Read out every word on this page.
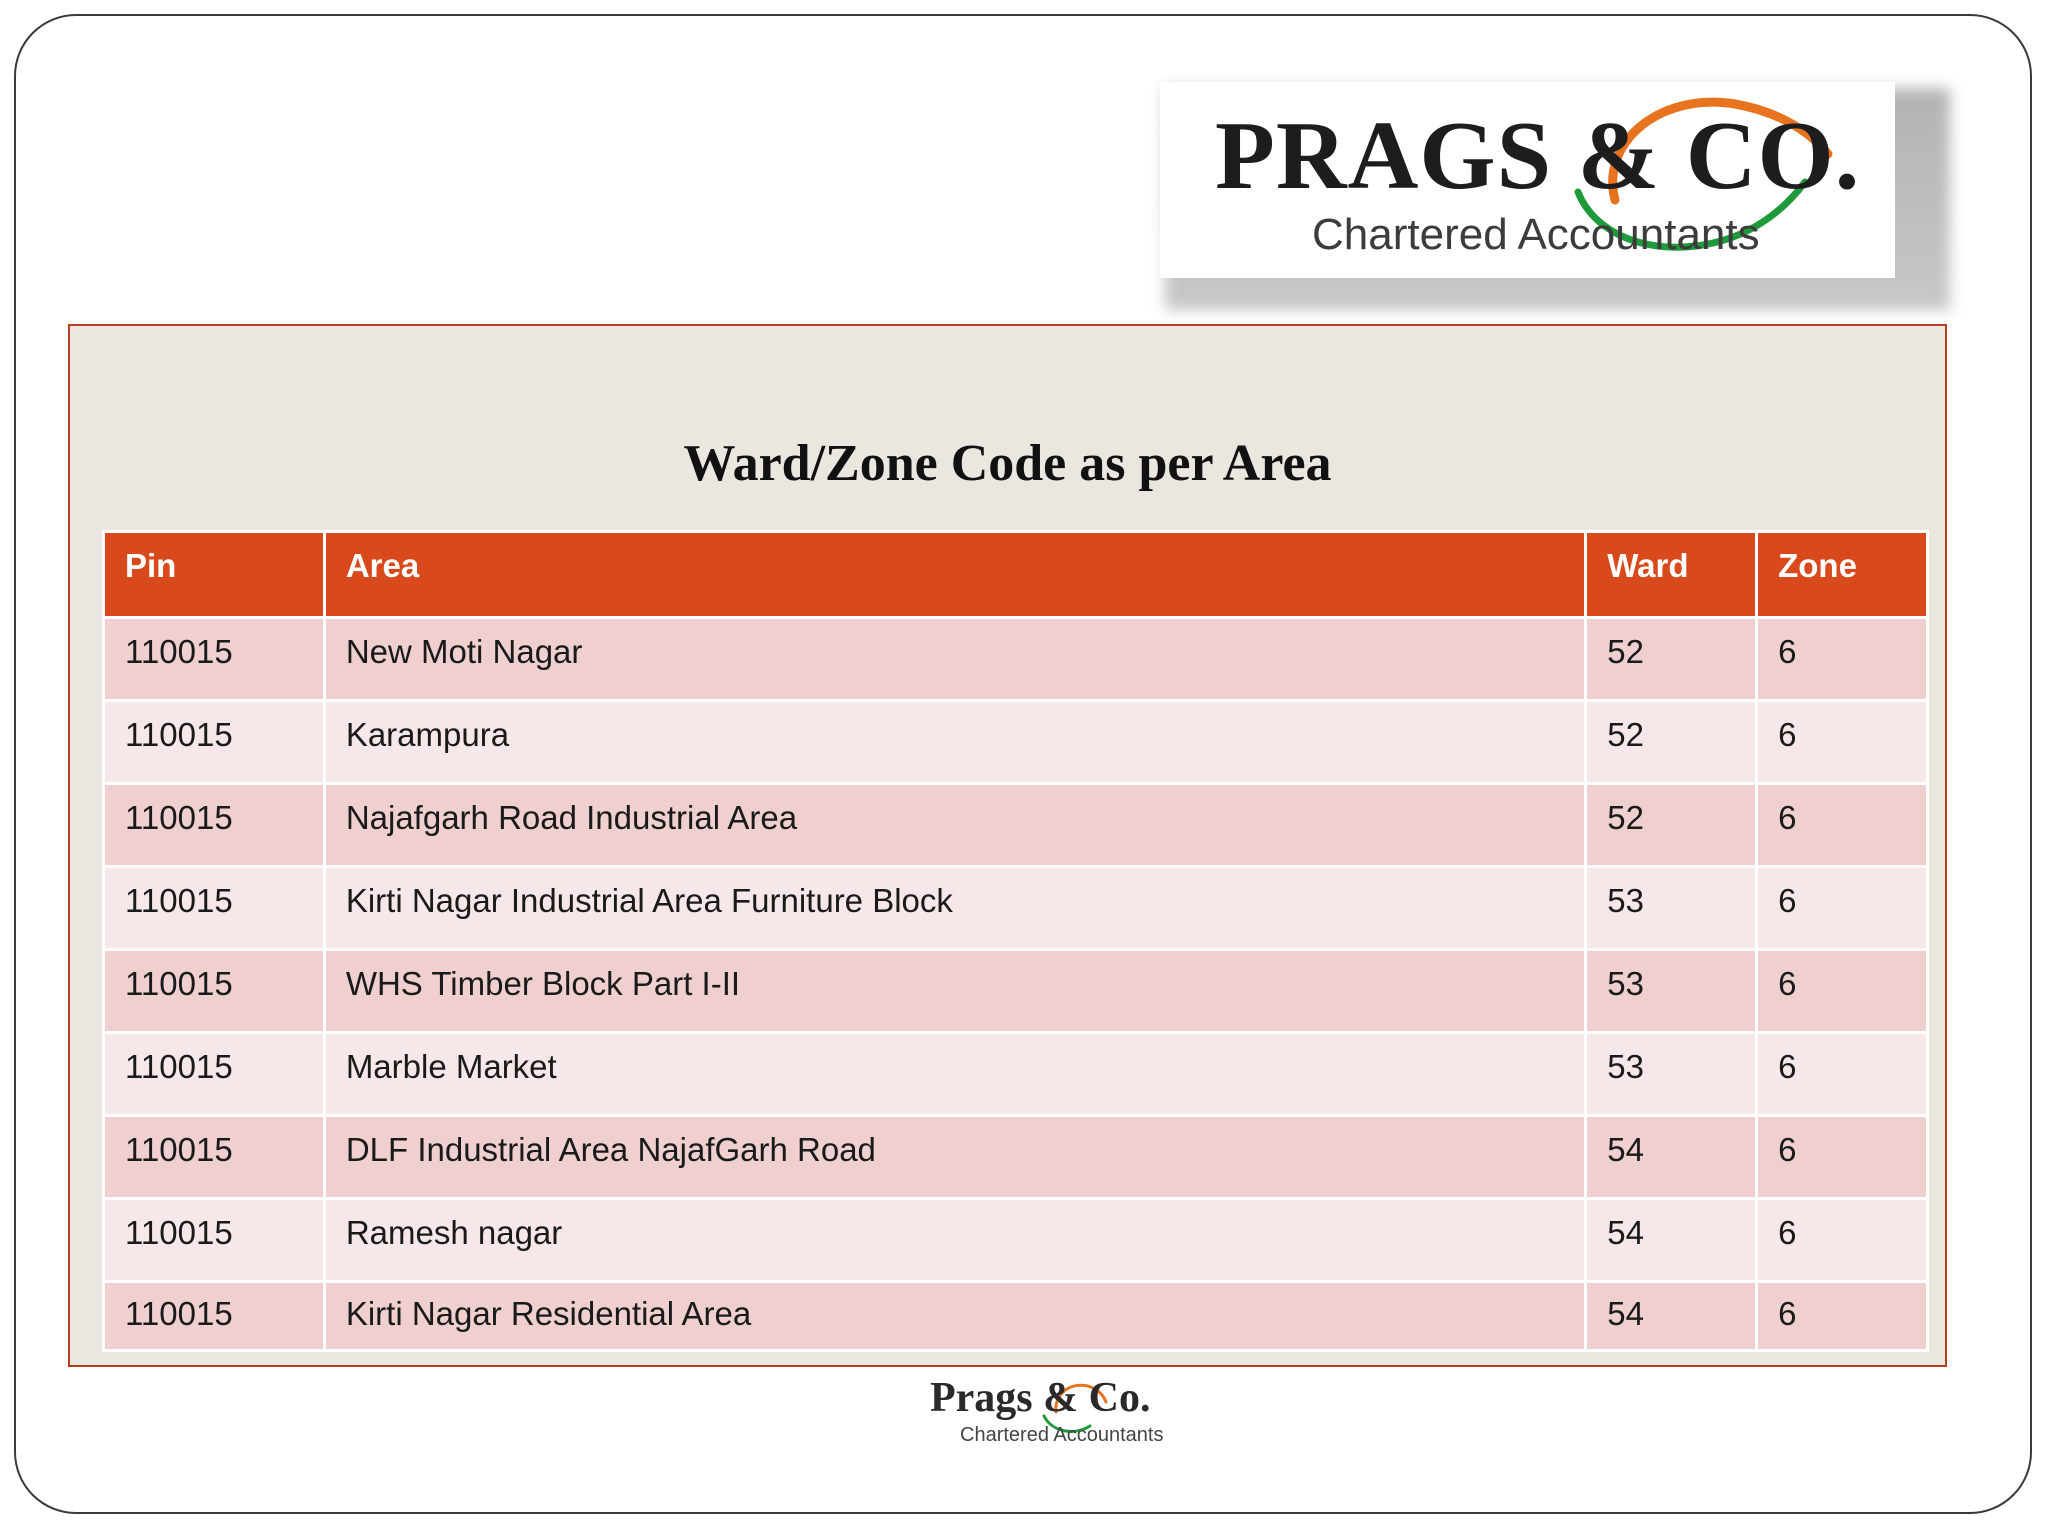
PRAGS & CO.
Chartered Accountants
Ward/Zone Code as per Area
Pin	Area	Ward	Zone
110015	New Moti Nagar	52	6
110015	Karampura	52	6
110015	Najafgarh Road Industrial Area	52	6
110015	Kirti Nagar Industrial Area Furniture Block	53	6
110015	WHS Timber Block Part I-II	53	6
110015	Marble Market	53	6
110015	DLF Industrial Area NajafGarh Road	54	6
110015	Ramesh nagar	54	6
110015	Kirti Nagar Residential Area	54	6
Prags & Co.
Chartered Accountants
